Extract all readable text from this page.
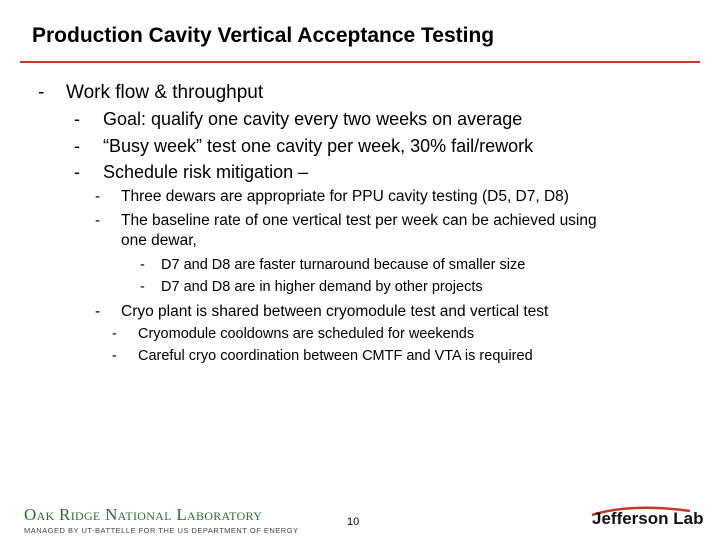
Production Cavity Vertical Acceptance Testing
- Work flow & throughput
- Goal: qualify one cavity every two weeks on average
- “Busy week” test one cavity per week, 30% fail/rework
- Schedule risk mitigation –
- Three dewars are appropriate for PPU cavity testing (D5, D7, D8)
- The baseline rate of one vertical test per week can be achieved using
one dewar,
- D7 and D8 are faster turnaround because of smaller size
- D7 and D8 are in higher demand by other projects
- Cryo plant is shared between cryomodule test and vertical test
- Cryomodule cooldowns are scheduled for weekends
- Careful cryo coordination between CMTF and VTA is required
Oak Ridge National Laboratory
MANAGED BY UT-BATTELLE FOR THE US DEPARTMENT OF ENERGY
10	Jefferson Lab
